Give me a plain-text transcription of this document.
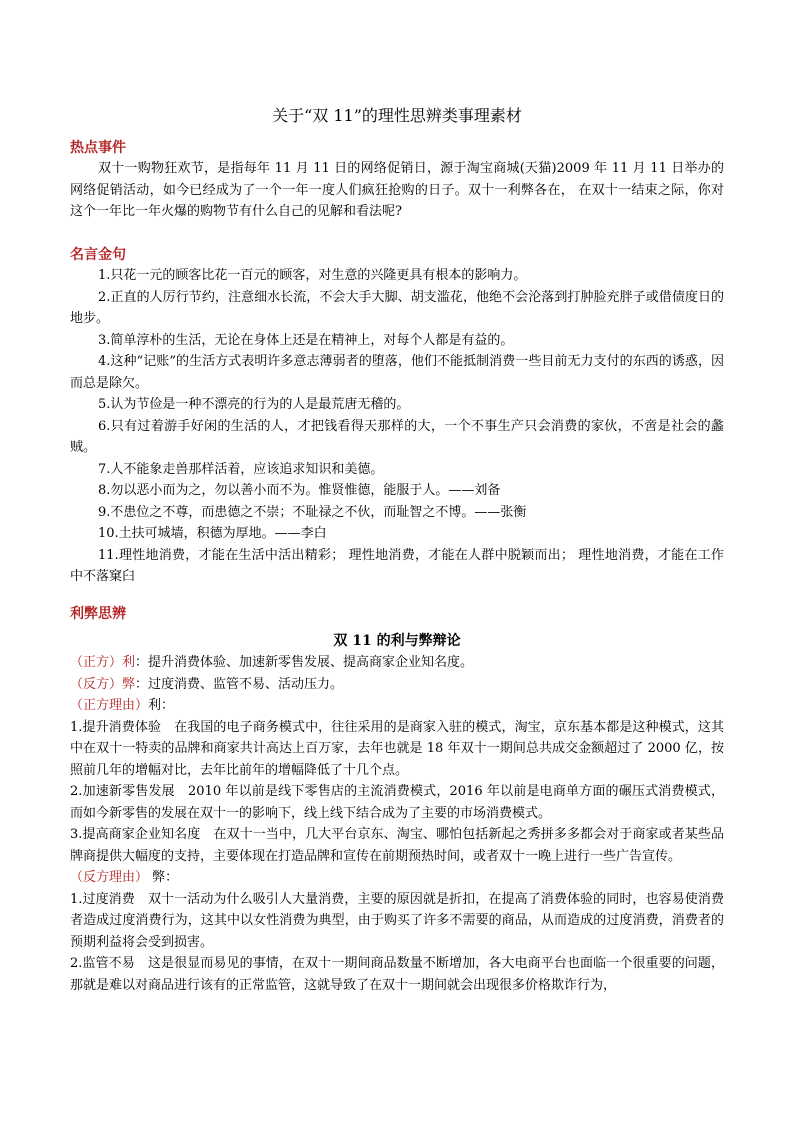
关于“双 11”的理性思辨类事理素材
热点事件

双十一购物狂欢节，是指每年 11 月 11 日的网络促销日，源于淘宝商城(天猫)2009 年 11 月 11 日举办的网络促销活动，如今已经成为了一个一年一度人们疯狂抢购的日子。双十一利弊各在， 在双十一结束之际，你对这个一年比一年火爆的购物节有什么自己的见解和看法呢?

名言金句

1.只花一元的顾客比花一百元的顾客，对生意的兴隆更具有根本的影响力。

2.正直的人厉行节约，注意细水长流，不会大手大脚、胡支滥花，他绝不会沦落到打肿脸充胖子或借债度日的地步。

3.简单淳朴的生活，无论在身体上还是在精神上，对每个人都是有益的。

4.这种“记账”的生活方式表明许多意志薄弱者的堕落，他们不能抵制消费一些目前无力支付的东西的诱惑，因而总是除欠。

5.认为节俭是一种不漂亮的行为的人是最荒唐无稽的。

6.只有过着游手好闲的生活的人，才把钱看得天那样的大，一个不事生产只会消费的家伙，不啻是社会的蠡贼。

7.人不能象走兽那样活着，应该追求知识和美德。

8.勿以恶小而为之，勿以善小而不为。惟贤惟德，能服于人。——刘备

9.不患位之不尊，而患德之不崇；不耻禄之不伙，而耻智之不博。——张衡

10.土扶可城墙，积德为厚地。——李白

11.理性地消费，才能在生活中活出精彩； 理性地消费，才能在人群中脱颖而出； 理性地消费，才能在工作中不落窠臼

利弊思辨
双 11 的利与弊辩论

（正方）利：提升消费体验、加速新零售发展、提高商家企业知名度。

（反方）弊：过度消费、监管不易、活动压力。

（正方理由）利：

1.提升消费体验　在我国的电子商务模式中，往往采用的是商家入驻的模式，淘宝，京东基本都是这种模式，这其中在双十一特卖的品牌和商家共计高达上百万家，去年也就是 18 年双十一期间总共成交金额超过了 2000 亿，按照前几年的增幅对比，去年比前年的增幅降低了十几个点。

2.加速新零售发展　2010 年以前是线下零售店的主流消费模式，2016 年以前是电商单方面的碾压式消费模式，而如今新零售的发展在双十一的影响下，线上线下结合成为了主要的市场消费模式。

3.提高商家企业知名度　在双十一当中，几大平台京东、淘宝、哪怕包括新起之秀拼多多都会对于商家或者某些品牌商提供大幅度的支持，主要体现在打造品牌和宣传在前期预热时间，或者双十一晚上进行一些广告宣传。

（反方理由） 弊：

1.过度消费　双十一活动为什么吸引人大量消费，主要的原因就是折扣，在提高了消费体验的同时，也容易使消费者造成过度消费行为，这其中以女性消费为典型，由于购买了许多不需要的商品，从而造成的过度消费，消费者的预期利益将会受到损害。

2.监管不易　这是很显而易见的事情，在双十一期间商品数量不断增加，各大电商平台也面临一个很重要的问题，那就是难以对商品进行该有的正常监管，这就导致了在双十一期间就会出现很多价格欺诈行为，
